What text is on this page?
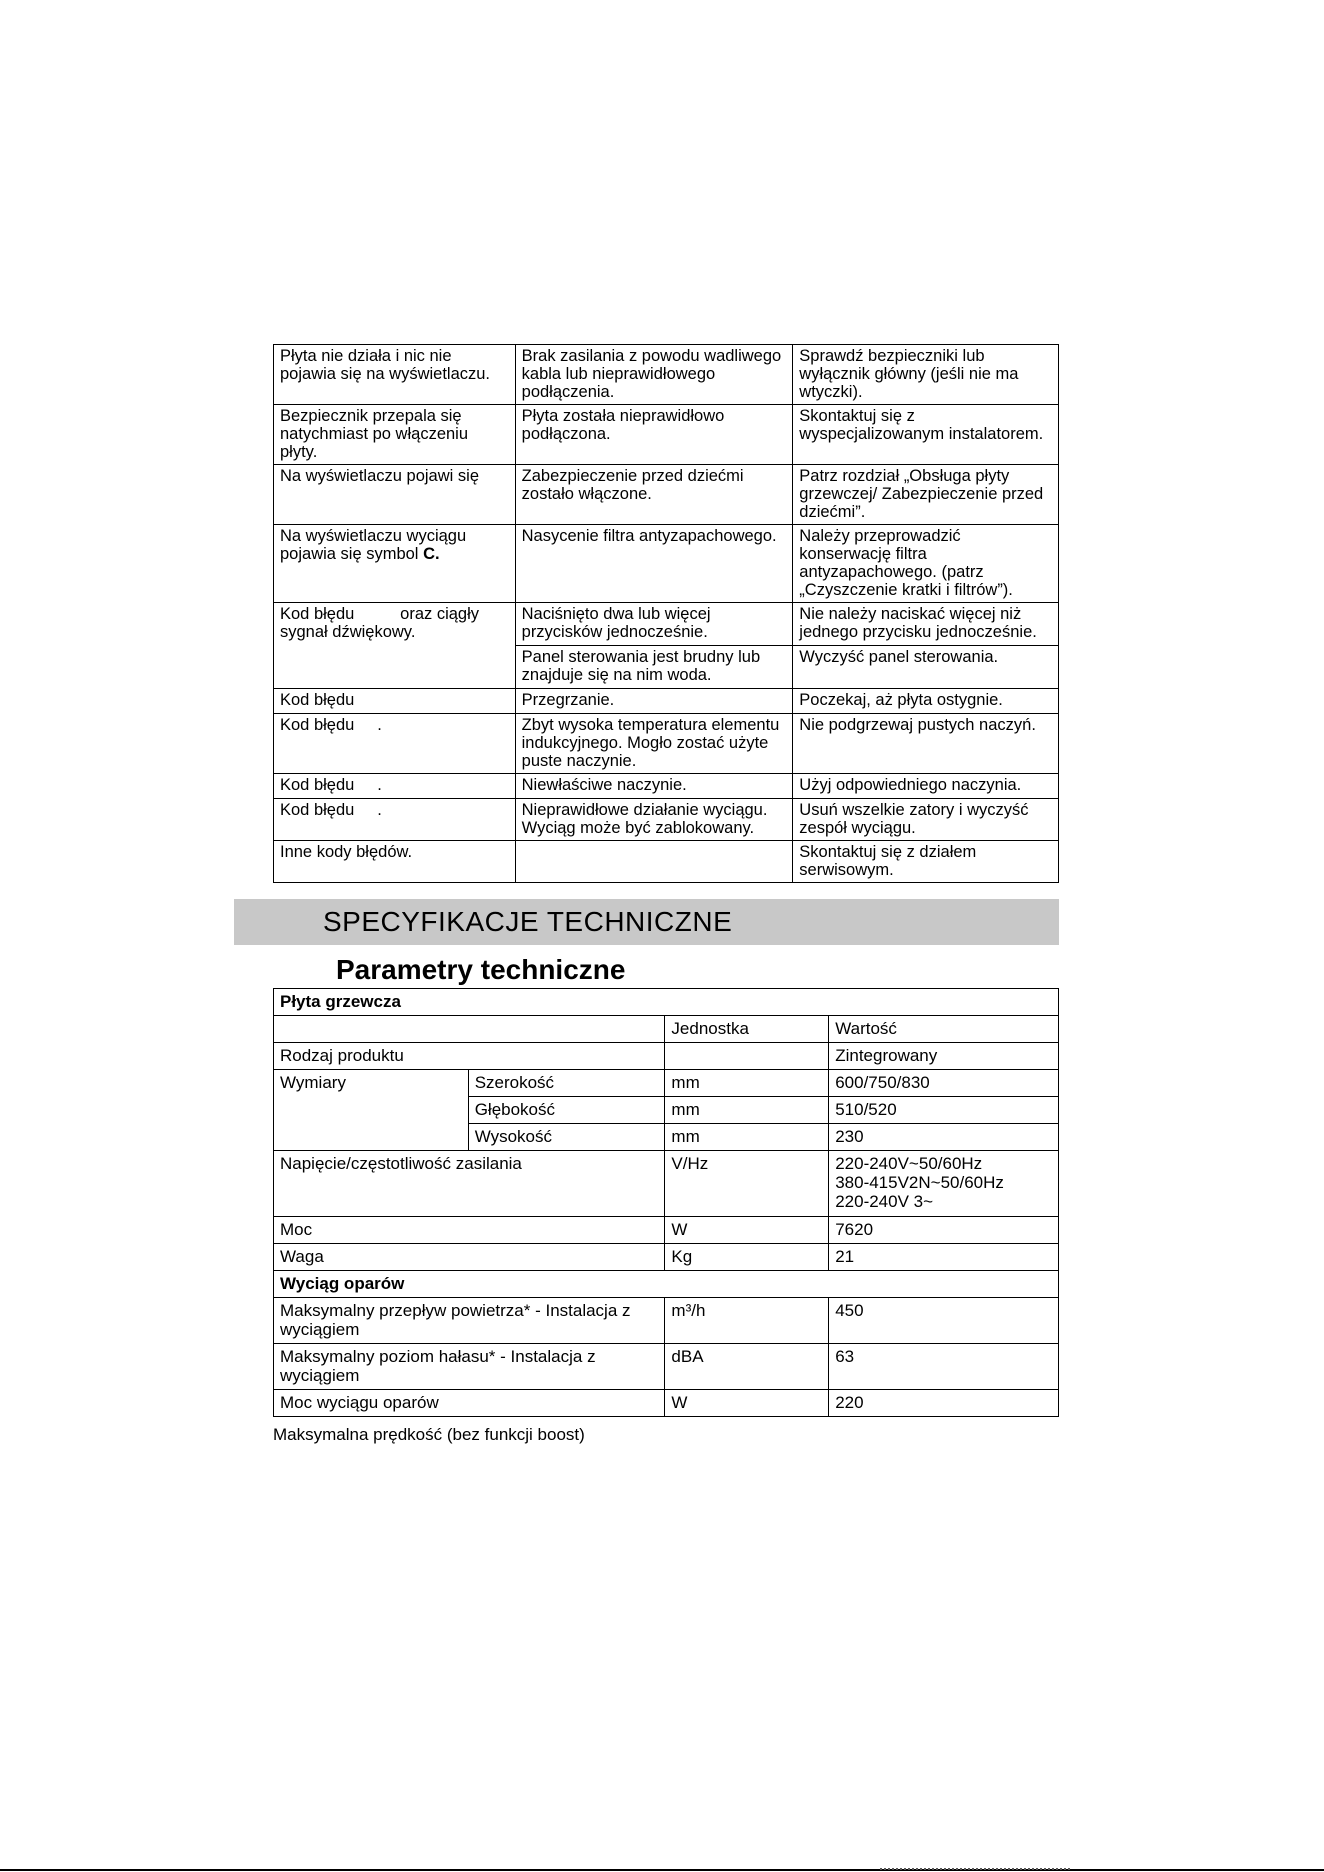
Płyta nie działa i nic nie pojawia się na wyświetlaczu.	Brak zasilania z powodu wadliwego kabla lub nieprawidłowego podłączenia.	Sprawdź bezpieczniki lub wyłącznik główny (jeśli nie ma wtyczki).
Bezpiecznik przepala się natychmiast po włączeniu płyty.	Płyta została nieprawidłowo podłączona.	Skontaktuj się z wyspecjalizowanym instalatorem.
Na wyświetlaczu pojawi się	Zabezpieczenie przed dziećmi zostało włączone.	Patrz rozdział „Obsługa płyty grzewczej/ Zabezpieczenie przed dziećmi”.
Na wyświetlaczu wyciągu pojawia się symbol C.	Nasycenie filtra antyzapachowego.	Należy przeprowadzić konserwację filtra antyzapachowego. (patrz „Czyszczenie kratki i filtrów”).
Kod błędu          oraz ciągły sygnał dźwiękowy.	Naciśnięto dwa lub więcej przycisków jednocześnie.	Nie należy naciskać więcej niż jednego przycisku jednocześnie.
	Panel sterowania jest brudny lub znajduje się na nim woda.	Wyczyść panel sterowania.
Kod błędu	Przegrzanie.	Poczekaj, aż płyta ostygnie.
Kod błędu     .	Zbyt wysoka temperatura elementu indukcyjnego. Mogło zostać użyte puste naczynie.	Nie podgrzewaj pustych naczyń.
Kod błędu     .	Niewłaściwe naczynie.	Użyj odpowiedniego naczynia.
Kod błędu     .	Nieprawidłowe działanie wyciągu. Wyciąg może być zablokowany.	Usuń wszelkie zatory i wyczyść zespół wyciągu.
Inne kody błędów.		Skontaktuj się z działem serwisowym.
SPECYFIKACJE TECHNICZNE
Parametry techniczne
Płyta grzewcza			
		Jednostka	Wartość
Rodzaj produktu			Zintegrowany
Wymiary	Szerokość	mm	600/750/830
	Głębokość	mm	510/520
	Wysokość	mm	230
Napięcie/częstotliwość zasilania		V/Hz	220-240V~50/60Hz
380-415V2N~50/60Hz
220-240V 3~

Moc		W	7620
Waga		Kg	21
Wyciąg oparów			
Maksymalny przepływ powietrza* - Instalacja z wyciągiem		m³/h	450
Maksymalny poziom hałasu* - Instalacja z wyciągiem		dBA	63
Moc wyciągu oparów		W	220
Maksymalna prędkość (bez funkcji boost)
